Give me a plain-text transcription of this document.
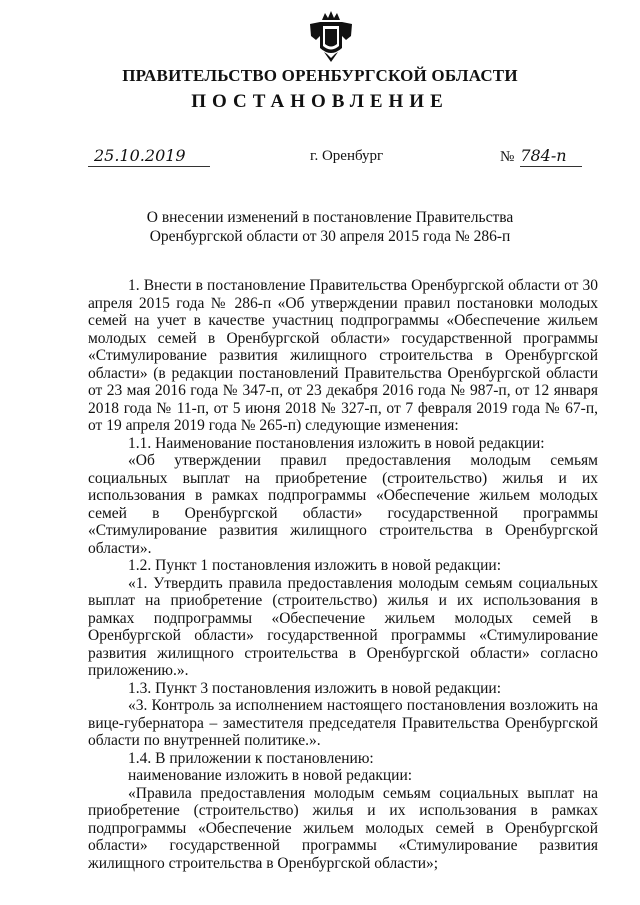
ПРАВИТЕЛЬСТВО ОРЕНБУРГСКОЙ ОБЛАСТИ
ПОСТАНОВЛЕНИЕ
25.10.2019	г. Оренбург	№ 784-п
О внесении изменений в постановление Правительства
Оренбургской области от 30 апреля 2015 года № 286-п

1. Внести в постановление Правительства Оренбургской области от 30 апреля 2015 года № 286-п «Об утверждении правил постановки молодых семей на учет в качестве участниц подпрограммы «Обеспечение жильем молодых семей в Оренбургской области» государственной программы «Стимулирование развития жилищного строительства в Оренбургской области» (в редакции постановлений Правительства Оренбургской области от 23 мая 2016 года № 347-п, от 23 декабря 2016 года № 987-п, от 12 января 2018 года № 11-п, от 5 июня 2018 № 327-п, от 7 февраля 2019 года № 67-п, от 19 апреля 2019 года № 265-п) следующие изменения:

1.1. Наименование постановления изложить в новой редакции:

«Об утверждении правил предоставления молодым семьям социальных выплат на приобретение (строительство) жилья и их использования в рамках подпрограммы «Обеспечение жильем молодых семей в Оренбургской области» государственной программы «Стимулирование развития жилищного строительства в Оренбургской области».

1.2. Пункт 1 постановления изложить в новой редакции:

«1. Утвердить правила предоставления молодым семьям социальных выплат на приобретение (строительство) жилья и их использования в рамках подпрограммы «Обеспечение жильем молодых семей в Оренбургской области» государственной программы «Стимулирование развития жилищного строительства в Оренбургской области» согласно приложению.».

1.3. Пункт 3 постановления изложить в новой редакции:

«3. Контроль за исполнением настоящего постановления возложить на вице-губернатора – заместителя председателя Правительства Оренбургской области по внутренней политике.».

1.4. В приложении к постановлению:

наименование изложить в новой редакции:

«Правила предоставления молодым семьям социальных выплат на приобретение (строительство) жилья и их использования в рамках подпрограммы «Обеспечение жильем молодых семей в Оренбургской области» государственной программы «Стимулирование развития жилищного строительства в Оренбургской области»;
